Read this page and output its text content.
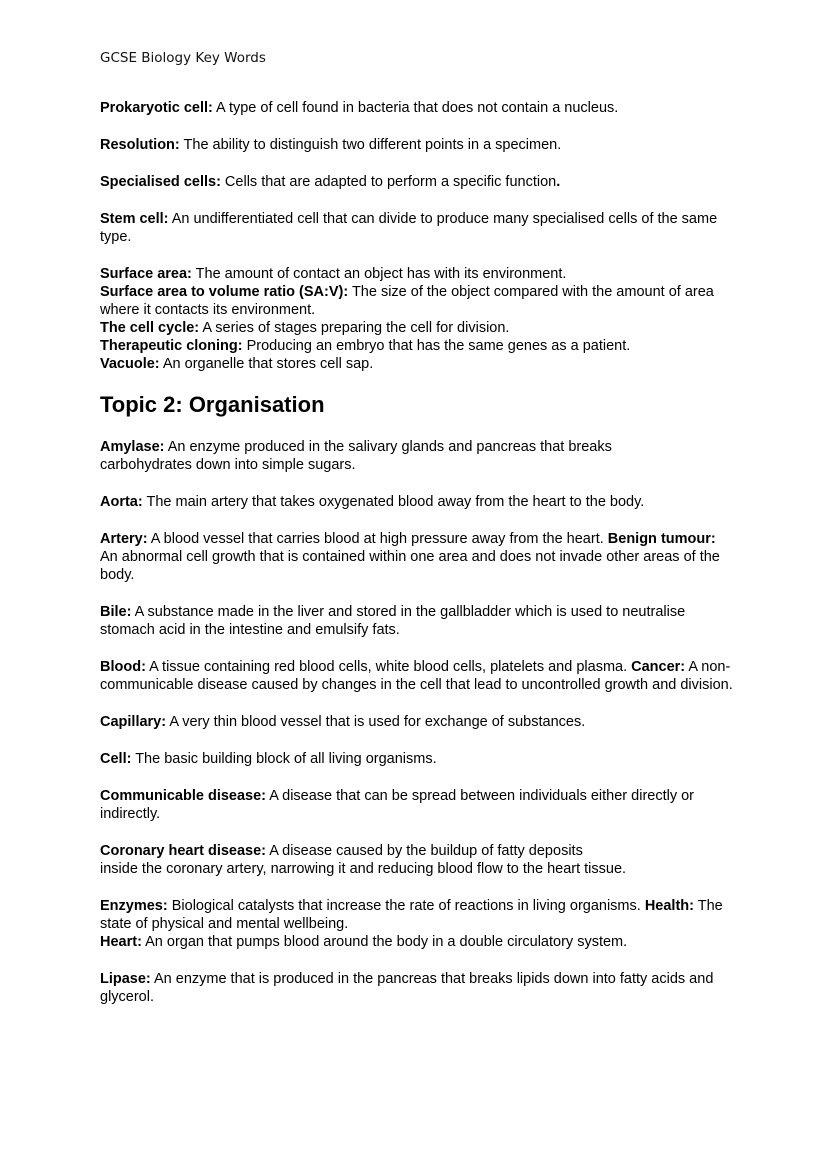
GCSE Biology Key Words
Prokaryotic cell: A type of cell found in bacteria that does not contain a nucleus.
Resolution: The ability to distinguish two different points in a specimen.
Specialised cells: Cells that are adapted to perform a specific function.
Stem cell: An undifferentiated cell that can divide to produce many specialised cells of the same type.
Surface area: The amount of contact an object has with its environment.
Surface area to volume ratio (SA:V): The size of the object compared with the amount of area where it contacts its environment.
The cell cycle: A series of stages preparing the cell for division.
Therapeutic cloning: Producing an embryo that has the same genes as a patient.
Vacuole: An organelle that stores cell sap.
Topic 2: Organisation
Amylase: An enzyme produced in the salivary glands and pancreas that breaks
carbohydrates down into simple sugars.
Aorta: The main artery that takes oxygenated blood away from the heart to the body.
Artery: A blood vessel that carries blood at high pressure away from the heart. Benign tumour: An abnormal cell growth that is contained within one area and does not invade other areas of the body.
Bile: A substance made in the liver and stored in the gallbladder which is used to neutralise stomach acid in the intestine and emulsify fats.
Blood: A tissue containing red blood cells, white blood cells, platelets and plasma. Cancer: A non-communicable disease caused by changes in the cell that lead to uncontrolled growth and division.
Capillary: A very thin blood vessel that is used for exchange of substances.
Cell: The basic building block of all living organisms.
Communicable disease: A disease that can be spread between individuals either directly or indirectly.
Coronary heart disease: A disease caused by the buildup of fatty deposits
inside the coronary artery, narrowing it and reducing blood flow to the heart tissue.
Enzymes: Biological catalysts that increase the rate of reactions in living organisms. Health: The state of physical and mental wellbeing.
Heart: An organ that pumps blood around the body in a double circulatory system.
Lipase: An enzyme that is produced in the pancreas that breaks lipids down into fatty acids and glycerol.
